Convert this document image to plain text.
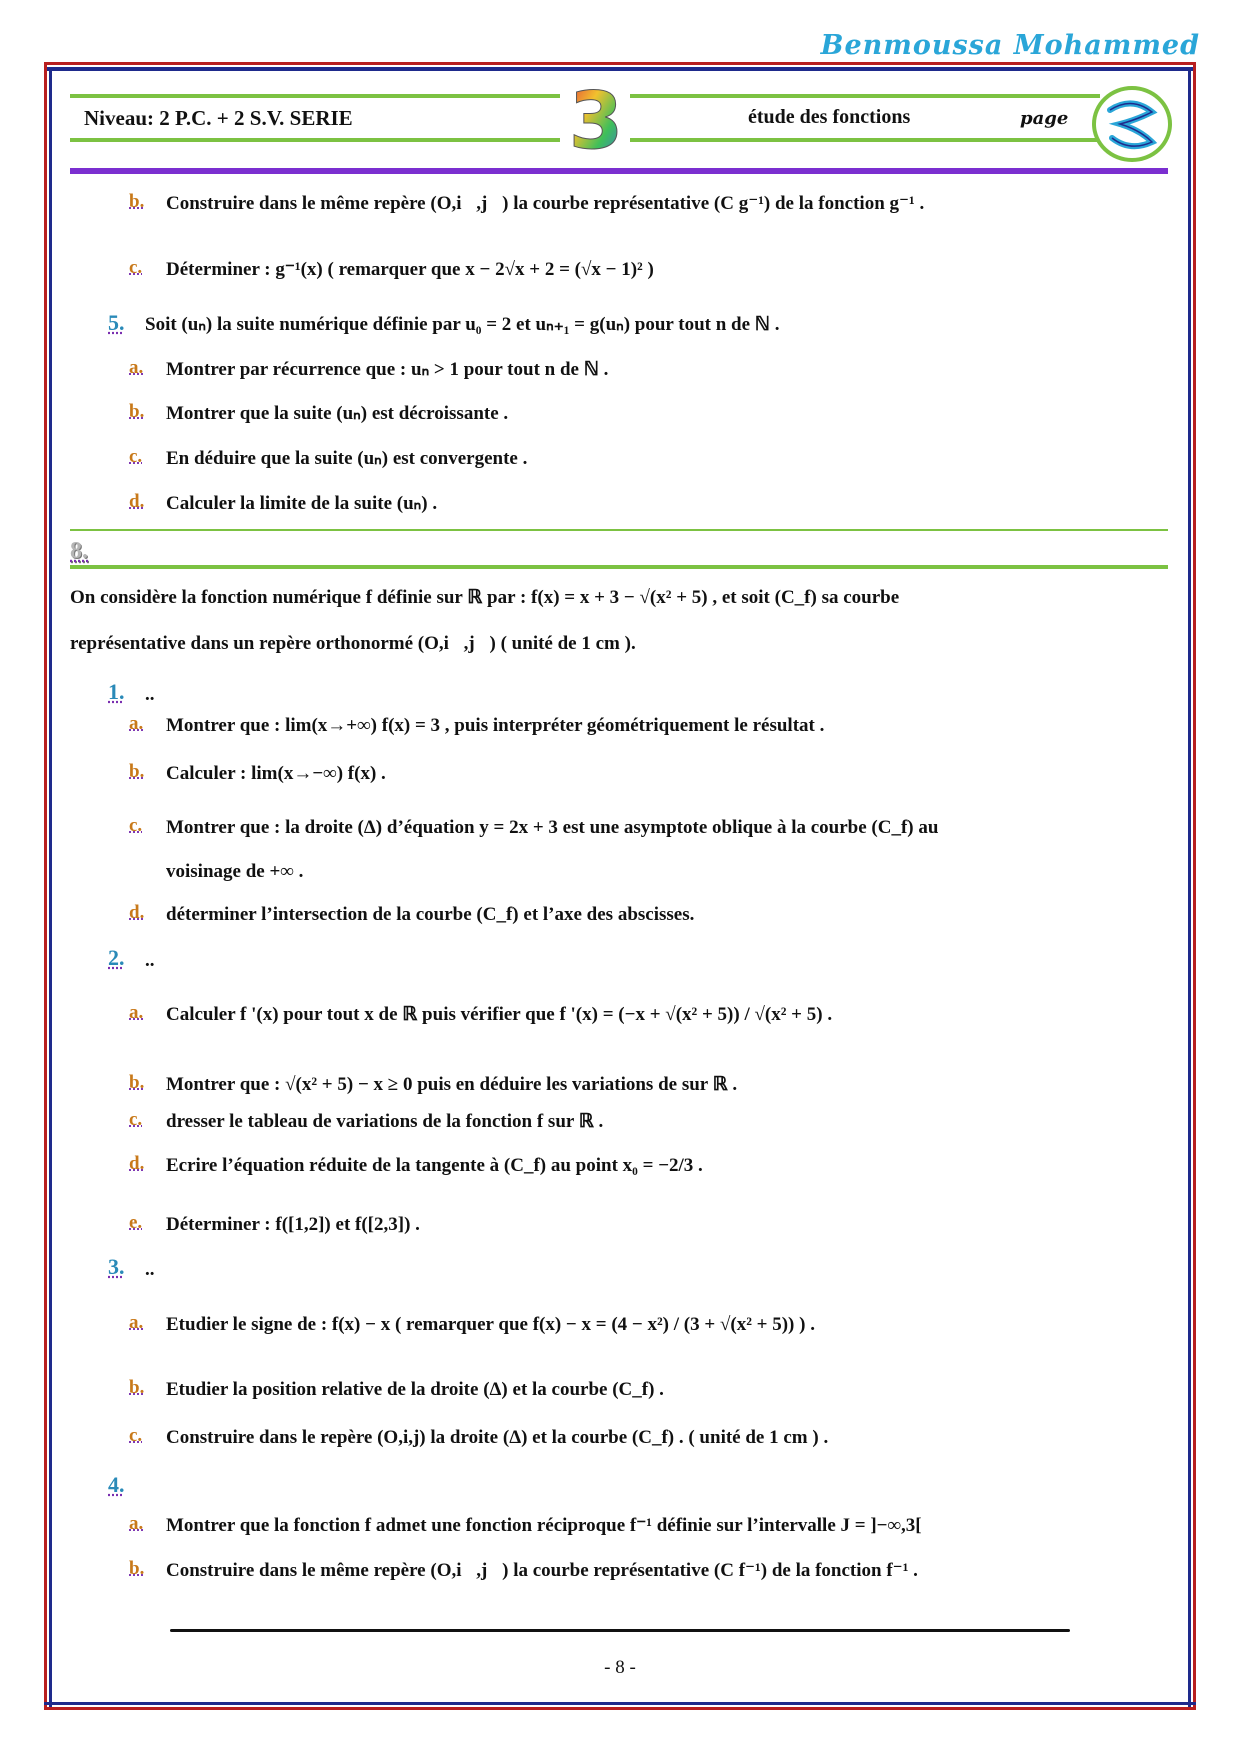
Benmoussa Mohammed
Niveau: 2 P.C. + 2 S.V. SERIE	3	étude des fonctions	page
b. Construire dans le même repère (O,i⃗,j⃗) la courbe représentative (C g⁻¹) de la fonction g⁻¹ .
c. Déterminer : g⁻¹(x) ( remarquer que x − 2√x + 2 = (√x − 1)² )
5. Soit (uₙ) la suite numérique définie par u₀ = 2 et uₙ₊₁ = g(uₙ) pour tout n de ℕ .
a. Montrer par récurrence que : uₙ > 1 pour tout n de ℕ .
b. Montrer que la suite (uₙ) est décroissante .
c. En déduire que la suite (uₙ) est convergente .
d. Calculer la limite de la suite (uₙ) .
8.
On considère la fonction numérique f définie sur ℝ par : f(x) = x + 3 − √(x² + 5) , et soit (C_f) sa courbe
représentative dans un repère orthonormé (O,i⃗,j⃗) ( unité de 1 cm ).
1. ..
a. Montrer que : lim(x→+∞) f(x) = 3 , puis interpréter géométriquement le résultat .
b. Calculer : lim(x→−∞) f(x) .
c. Montrer que : la droite (Δ) d’équation y = 2x + 3 est une asymptote oblique à la courbe (C_f) au
voisinage de +∞ .
d. déterminer l’intersection de la courbe (C_f) et l’axe des abscisses.
2. ..
a. Calculer f '(x) pour tout x de ℝ puis vérifier que f '(x) = (−x + √(x² + 5)) / √(x² + 5) .
b. Montrer que : √(x² + 5) − x ≥ 0 puis en déduire les variations de sur ℝ .
c. dresser le tableau de variations de la fonction f sur ℝ .
d. Ecrire l’équation réduite de la tangente à (C_f) au point x₀ = −2/3 .
e. Déterminer : f([1,2]) et f([2,3]) .
3. ..
a. Etudier le signe de : f(x) − x ( remarquer que f(x) − x = (4 − x²) / (3 + √(x² + 5)) ) .
b. Etudier la position relative de la droite (Δ) et la courbe (C_f) .
c. Construire dans le repère (O,i,j) la droite (Δ) et la courbe (C_f) . ( unité de 1 cm ) .
4.
a. Montrer que la fonction f admet une fonction réciproque f⁻¹ définie sur l’intervalle J = ]−∞,3[
b. Construire dans le même repère (O,i⃗,j⃗) la courbe représentative (C f⁻¹) de la fonction f⁻¹ .
- 8 -
